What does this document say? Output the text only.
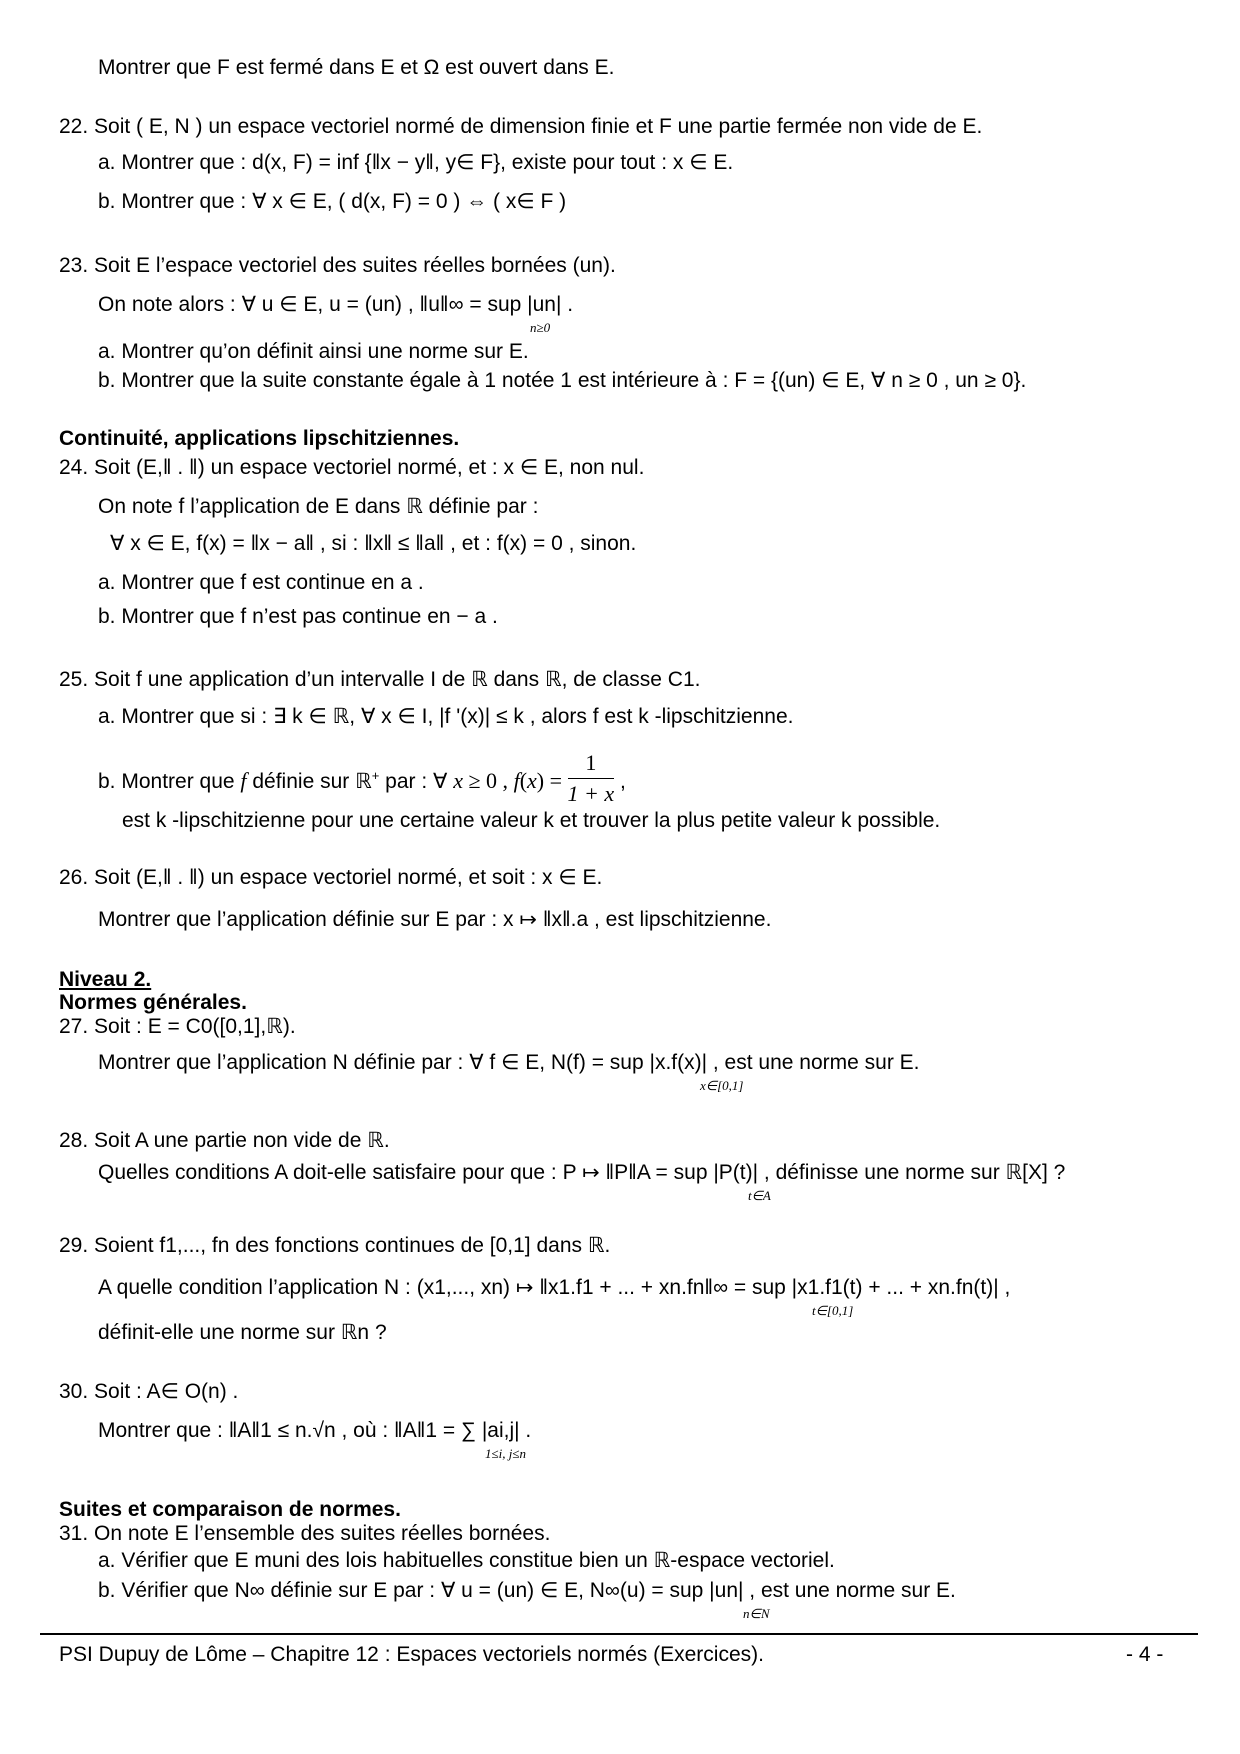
Montrer que F est fermé dans E et Ω est ouvert dans E.
22. Soit ( E, N ) un espace vectoriel normé de dimension finie et F une partie fermée non vide de E.
a. Montrer que : d(x, F) = inf {‖x − y‖, y∈ F}, existe pour tout : x ∈ E.
b. Montrer que : ∀ x ∈ E, ( d(x, F) = 0 ) ⇔ ( x∈ F )
23. Soit E l’espace vectoriel des suites réelles bornées (un).
On note alors : ∀ u ∈ E, u = (un) , ‖u‖∞ = sup |un| .
n≥0
a. Montrer qu’on définit ainsi une norme sur E.
b. Montrer que la suite constante égale à 1 notée 1 est intérieure à : F = {(un) ∈ E, ∀ n ≥ 0 , un ≥ 0}.
Continuité, applications lipschitziennes.
24. Soit (E,‖ . ‖) un espace vectoriel normé, et : x ∈ E, non nul.
On note f l’application de E dans ℝ définie par :
∀ x ∈ E, f(x) = ‖x − a‖ , si : ‖x‖ ≤ ‖a‖ , et : f(x) = 0 , sinon.
a. Montrer que f est continue en a .
b. Montrer que f n’est pas continue en − a .
25. Soit f une application d’un intervalle I de ℝ dans ℝ, de classe C1.
a. Montrer que si : ∃ k ∈ ℝ, ∀ x ∈ I, |f '(x)| ≤ k , alors f est k -lipschitzienne.
b. Montrer que f définie sur ℝ+ par : ∀ x ≥ 0 , $f(x) = \frac{1}{1 + x}$ ,
est k -lipschitzienne pour une certaine valeur k et trouver la plus petite valeur k possible.
26. Soit (E,‖ . ‖) un espace vectoriel normé, et soit : x ∈ E.
Montrer que l’application définie sur E par : x ↦ ‖x‖.a , est lipschitzienne.
Niveau 2.
Normes générales.
27. Soit : E = C0([0,1],ℝ).
Montrer que l’application N définie par : ∀ f ∈ E, N(f) = sup |x.f(x)| , est une norme sur E.
x∈[0,1]
28. Soit A une partie non vide de ℝ.
Quelles conditions A doit-elle satisfaire pour que : P ↦ ‖P‖A = sup |P(t)| , définisse une norme sur ℝ[X] ?
t∈A
29. Soient f1,..., fn des fonctions continues de [0,1] dans ℝ.
A quelle condition l’application N : (x1,..., xn) ↦ ‖x1.f1 + ... + xn.fn‖∞ = sup |x1.f1(t) + ... + xn.fn(t)| ,
t∈[0,1]
définit-elle une norme sur ℝn ?
30. Soit : A∈ O(n) .
Montrer que : ‖A‖1 ≤ n.√n , où : ‖A‖1 = ∑ |ai,j| .
1≤i, j≤n
Suites et comparaison de normes.
31. On note E l’ensemble des suites réelles bornées.
a. Vérifier que E muni des lois habituelles constitue bien un ℝ-espace vectoriel.
b. Vérifier que N∞ définie sur E par : ∀ u = (un) ∈ E, N∞(u) = sup |un| , est une norme sur E.
n∈N
PSI Dupuy de Lôme – Chapitre 12 : Espaces vectoriels normés (Exercices).	- 4 -
